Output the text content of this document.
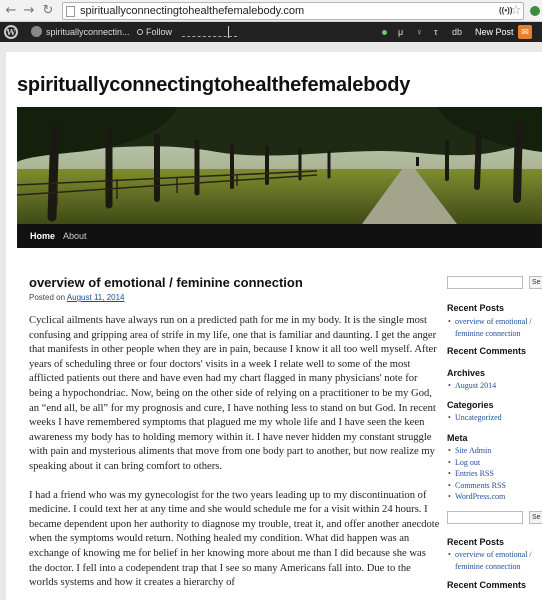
← → ↻ spirituallyconnectingtohealthefemalebody.com	((•))
☆
W	spirituallyconnectin... Follow	μ ♀ τ db New Post ✉
spirituallyconnectingtohealthefemalebody
Home About
overview of emotional / feminine connection
Posted on August 11, 2014

Cyclical ailments have always run on a predicted path for me in my body. It is the single most confusing and gripping area of strife in my life, one that is familiar and daunting. I get the anger that manifests in other people when they are in pain, because I know it all too well myself. After years of scheduling three or four doctors' visits in a week I relate well to some of the most afflicted patients out there and have even had my chart flagged in many physicians' note for being a hypochondriac. Now, being on the other side of relying on a practitioner to be my God, an “end all, be all” for my prognosis and cure, I have nothing less to stand on but God. In recent weeks I have remembered symptoms that plagued me my whole life and I have seen the keen awareness my body has to holding memory within it. I have never hidden my constant struggle with pain and mysterious aliments that move from one body part to another, but now realize my speaking about it can bring comfort to others.

I had a friend who was my gynecologist for the two years leading up to my discontinuation of medicine. I could text her at any time and she would schedule me for a visit within 24 hours. I became dependent upon her authority to diagnose my trouble, treat it, and offer another anecdote when the symptoms would return. Nothing healed my condition. What did happen was an exchange of knowing me for belief in her knowing more about me than I did because she was the doctor. I fell into a codependent trap that I see so many Americans fall into. Due to the worlds systems and how it creates a hierarchy of

Se
Recent Posts
• overview of emotional / feminine connection
Recent Comments
Archives
• August 2014
Categories
• Uncategorized
Meta
• Site Admin
• Log out
• Entries RSS
• Comments RSS
• WordPress.com
Se
Recent Posts
• overview of emotional / feminine connection
Recent Comments
